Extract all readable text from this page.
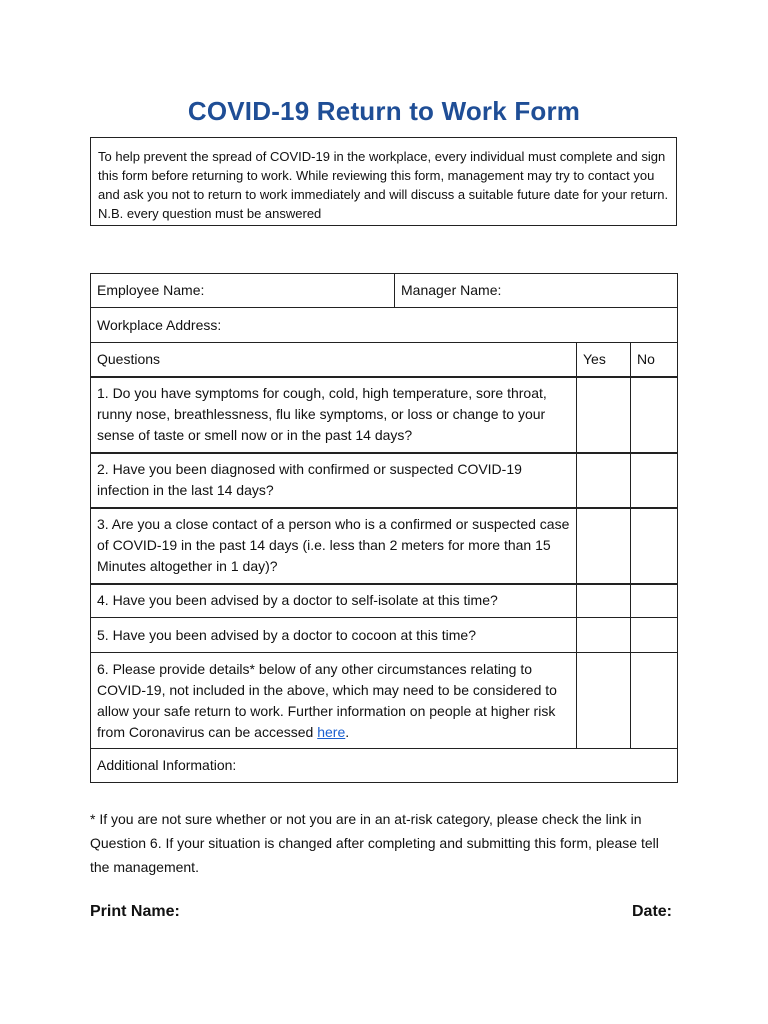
COVID-19 Return to Work Form
To help prevent the spread of COVID-19 in the workplace, every individual must complete and sign this form before returning to work. While reviewing this form, management may try to contact you and ask you not to return to work immediately and will discuss a suitable future date for your return. N.B. every question must be answered
Employee Name:	Manager Name:		
Workplace Address:			
Questions		Yes	No
1. Do you have symptoms for cough, cold, high temperature, sore throat, runny nose, breathlessness, flu like symptoms, or loss or change to your sense of taste or smell now or in the past 14 days?			
2. Have you been diagnosed with confirmed or suspected COVID-19 infection in the last 14 days?			
3. Are you a close contact of a person who is a confirmed or suspected case of COVID-19 in the past 14 days (i.e. less than 2 meters for more than 15 Minutes altogether in 1 day)?			
4. Have you been advised by a doctor to self-isolate at this time?			
5. Have you been advised by a doctor to cocoon at this time?			
6. Please provide details* below of any other circumstances relating to COVID-19, not included in the above, which may need to be considered to allow your safe return to work. Further information on people at higher risk from Coronavirus can be accessed here.			
Additional Information:			
* If you are not sure whether or not you are in an at-risk category, please check the link in Question 6. If your situation is changed after completing and submitting this form, please tell the management.
Print Name:	Date:
